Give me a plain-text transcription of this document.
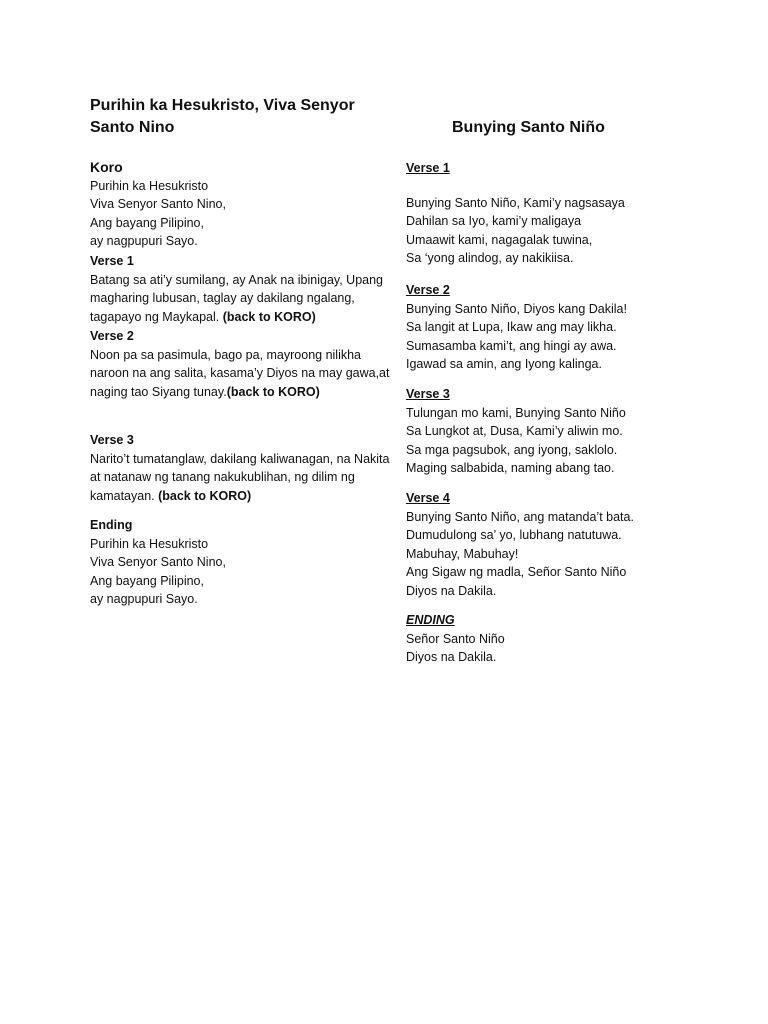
Purihin ka Hesukristo, Viva Senyor Santo Nino
Koro
Purihin ka Hesukristo
Viva Senyor Santo Nino,
Ang bayang Pilipino,
ay nagpupuri Sayo.
Verse 1
Batang sa ati’y sumilang, ay Anak na ibinigay, Upang magharing lubusan, taglay ay dakilang ngalang, tagapayo ng Maykapal. (back to KORO)
Verse 2
Noon pa sa pasimula, bago pa, mayroong nilikha naroon na ang salita, kasama’y Diyos na may gawa,at naging tao Siyang tunay.(back to KORO)
Verse 3
Narito’t tumatanglaw, dakilang kaliwanagan, na Nakita at natanaw ng tanang nakukublihan, ng dilim ng kamatayan. (back to KORO)
Ending
Purihin ka Hesukristo
Viva Senyor Santo Nino,
Ang bayang Pilipino,
ay nagpupuri Sayo.
Bunying Santo Niño
Verse 1
Bunying Santo Niño, Kami’y nagsasaya
Dahilan sa Iyo, kami’y maligaya
Umaawit kami, nagagalak tuwina,
Sa ‘yong alindog, ay nakikiisa.
Verse 2
Bunying Santo Niño, Diyos kang Dakila!
Sa langit at Lupa, Ikaw ang may likha.
Sumasamba kami’t, ang hingi ay awa.
Igawad sa amin, ang Iyong kalinga.
Verse 3
Tulungan mo kami, Bunying Santo Niño
Sa Lungkot at, Dusa, Kami’y aliwin mo.
Sa mga pagsubok, ang iyong, saklolo.
Maging salbabida, naming abang tao.
Verse 4
Bunying Santo Niño, ang matanda’t bata.
Dumudulong sa’ yo, lubhang natutuwa.
Mabuhay, Mabuhay!
Ang Sigaw ng madla, Señor Santo Niño
Diyos na Dakila.
ENDING
Señor Santo Niño
Diyos na Dakila.
